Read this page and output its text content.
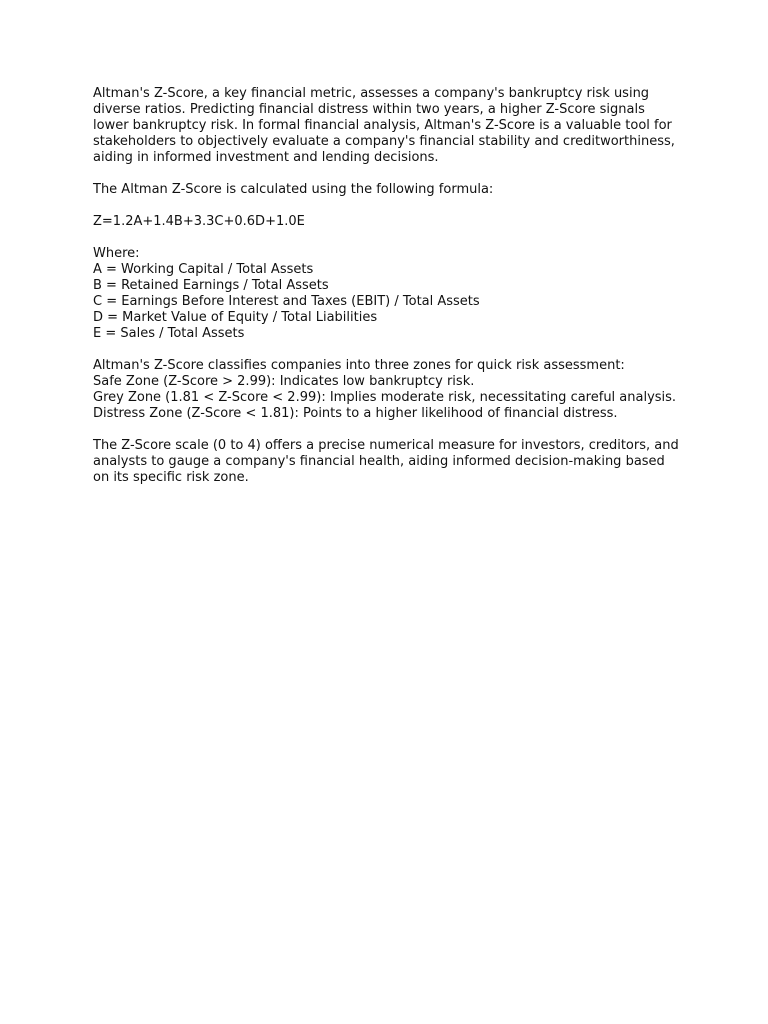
Altman's Z-Score, a key financial metric, assesses a company's bankruptcy risk using diverse ratios. Predicting financial distress within two years, a higher Z-Score signals lower bankruptcy risk. In formal financial analysis, Altman's Z-Score is a valuable tool for stakeholders to objectively evaluate a company's financial stability and creditworthiness, aiding in informed investment and lending decisions.

The Altman Z-Score is calculated using the following formula:

Z=1.2A+1.4B+3.3C+0.6D+1.0E

Where:
A = Working Capital / Total Assets
B = Retained Earnings / Total Assets
C = Earnings Before Interest and Taxes (EBIT) / Total Assets
D = Market Value of Equity / Total Liabilities
E = Sales / Total Assets
Altman's Z-Score classifies companies into three zones for quick risk assessment:
Safe Zone (Z-Score > 2.99): Indicates low bankruptcy risk.
Grey Zone (1.81 < Z-Score < 2.99): Implies moderate risk, necessitating careful analysis.
Distress Zone (Z-Score < 1.81): Points to a higher likelihood of financial distress.

The Z-Score scale (0 to 4) offers a precise numerical measure for investors, creditors, and analysts to gauge a company's financial health, aiding informed decision-making based on its specific risk zone.
